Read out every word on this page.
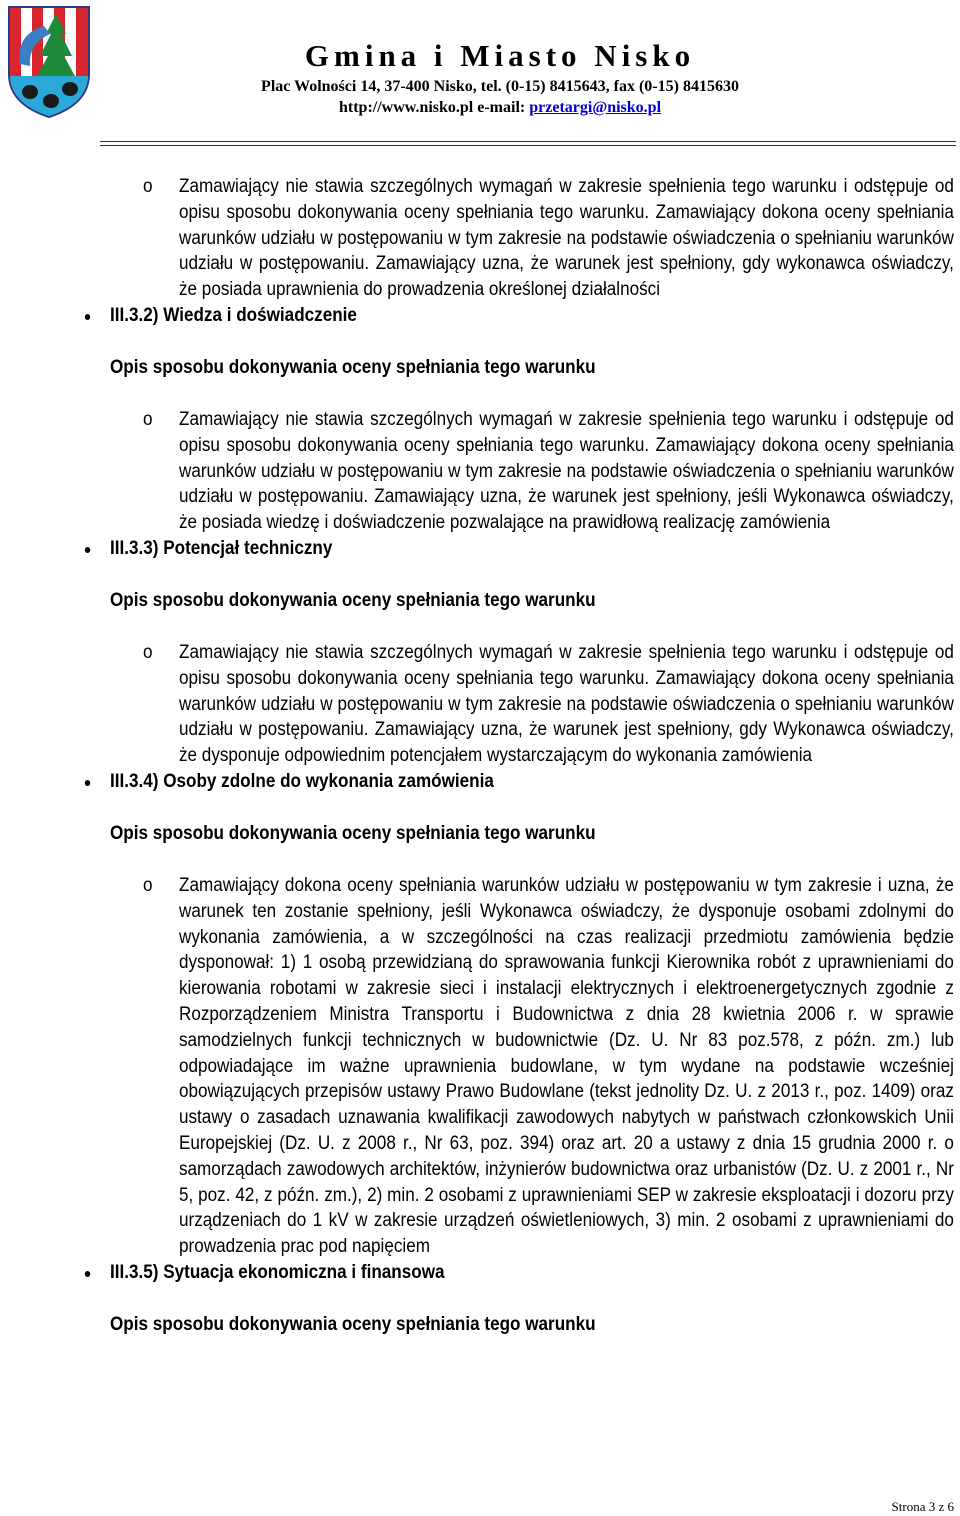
Gmina i Miasto Nisko
Plac Wolności 14, 37-400 Nisko, tel. (0-15) 8415643, fax (0-15) 8415630
http://www.nisko.pl e-mail: przetargi@nisko.pl
o Zamawiający nie stawia szczególnych wymagań w zakresie spełnienia tego warunku i odstępuje od opisu sposobu dokonywania oceny spełniania tego warunku. Zamawiający dokona oceny spełniania warunków udziału w postępowaniu w tym zakresie na podstawie oświadczenia o spełnianiu warunków udziału w postępowaniu. Zamawiający uzna, że warunek jest spełniony, gdy wykonawca oświadczy, że posiada uprawnienia do prowadzenia określonej działalności
III.3.2) Wiedza i doświadczenie
Opis sposobu dokonywania oceny spełniania tego warunku
o Zamawiający nie stawia szczególnych wymagań w zakresie spełnienia tego warunku i odstępuje od opisu sposobu dokonywania oceny spełniania tego warunku. Zamawiający dokona oceny spełniania warunków udziału w postępowaniu w tym zakresie na podstawie oświadczenia o spełnianiu warunków udziału w postępowaniu. Zamawiający uzna, że warunek jest spełniony, jeśli Wykonawca oświadczy, że posiada wiedzę i doświadczenie pozwalające na prawidłową realizację zamówienia
III.3.3) Potencjał techniczny
Opis sposobu dokonywania oceny spełniania tego warunku
o Zamawiający nie stawia szczególnych wymagań w zakresie spełnienia tego warunku i odstępuje od opisu sposobu dokonywania oceny spełniania tego warunku. Zamawiający dokona oceny spełniania warunków udziału w postępowaniu w tym zakresie na podstawie oświadczenia o spełnianiu warunków udziału w postępowaniu. Zamawiający uzna, że warunek jest spełniony, gdy Wykonawca oświadczy, że dysponuje odpowiednim potencjałem wystarczającym do wykonania zamówienia
III.3.4) Osoby zdolne do wykonania zamówienia
Opis sposobu dokonywania oceny spełniania tego warunku
o Zamawiający dokona oceny spełniania warunków udziału w postępowaniu w tym zakresie i uzna, że warunek ten zostanie spełniony, jeśli Wykonawca oświadczy, że dysponuje osobami zdolnymi do wykonania zamówienia, a w szczególności na czas realizacji przedmiotu zamówienia będzie dysponował: 1) 1 osobą przewidzianą do sprawowania funkcji Kierownika robót z uprawnieniami do kierowania robotami w zakresie sieci i instalacji elektrycznych i elektroenergetycznych zgodnie z Rozporządzeniem Ministra Transportu i Budownictwa z dnia 28 kwietnia 2006 r. w sprawie samodzielnych funkcji technicznych w budownictwie (Dz. U. Nr 83 poz.578, z późn. zm.) lub odpowiadające im ważne uprawnienia budowlane, w tym wydane na podstawie wcześniej obowiązujących przepisów ustawy Prawo Budowlane (tekst jednolity Dz. U. z 2013 r., poz. 1409) oraz ustawy o zasadach uznawania kwalifikacji zawodowych nabytych w państwach członkowskich Unii Europejskiej (Dz. U. z 2008 r., Nr 63, poz. 394) oraz art. 20 a ustawy z dnia 15 grudnia 2000 r. o samorządach zawodowych architektów, inżynierów budownictwa oraz urbanistów (Dz. U. z 2001 r., Nr 5, poz. 42, z późn. zm.), 2) min. 2 osobami z uprawnieniami SEP w zakresie eksploatacji i dozoru przy urządzeniach do 1 kV w zakresie urządzeń oświetleniowych, 3) min. 2 osobami z uprawnieniami do prowadzenia prac pod napięciem
III.3.5) Sytuacja ekonomiczna i finansowa
Opis sposobu dokonywania oceny spełniania tego warunku
Strona 3 z 6
